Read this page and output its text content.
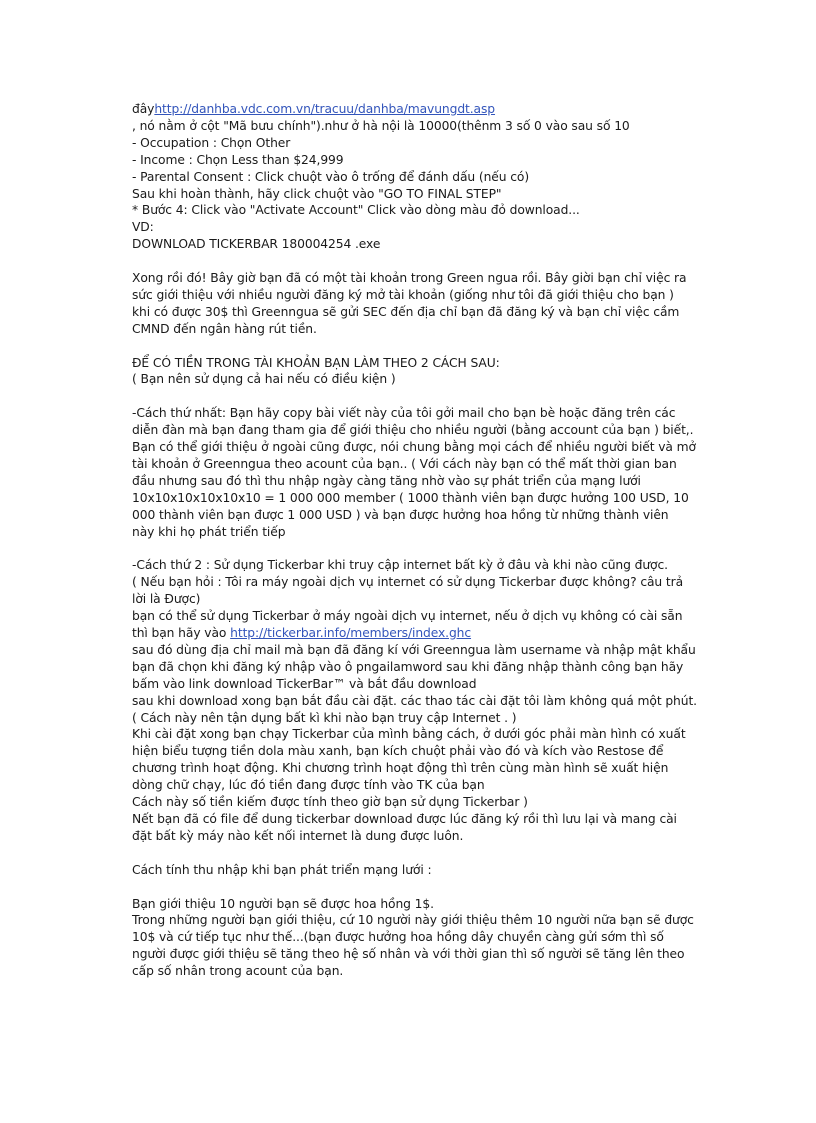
đâyhttp://danhba.vdc.com.vn/tracuu/danhba/mavungdt.asp
, nó nằm ở cột "Mã bưu chính").như ở hà nội là 10000(thênm 3 số 0 vào sau số 10
- Occupation : Chọn Other
- Income : Chọn Less than $24,999
- Parental Consent : Click chuột vào ô trống để đánh dấu (nếu có)
Sau khi hoàn thành, hãy click chuột vào "GO TO FINAL STEP"
* Bước 4: Click vào "Activate Account" Click vào dòng màu đỏ download...
VD:
DOWNLOAD TICKERBAR 180004254 .exe
Xong rồi đó! Bây giờ bạn đã có một tài khoản trong Green ngua rồi. Bây giời bạn chỉ việc ra
sức giới thiệu với nhiều người đăng ký mở tài khoản (giống như tôi đã giới thiệu cho bạn )
khi có được 30$ thì Greenngua sẽ gửi SEC đến địa chỉ bạn đã đăng ký và bạn chỉ việc cầm
CMND đến ngân hàng rút tiền.
ĐỂ CÓ TIỀN TRONG TÀI KHOẢN BẠN LÀM THEO 2 CÁCH SAU:
( Bạn nên sử dụng cả hai nếu có điều kiện )
-Cách thứ nhất: Bạn hãy copy bài viết này của tôi gởi mail cho bạn bè hoặc đăng trên các
diễn đàn mà bạn đang tham gia để giới thiệu cho nhiều người (bằng account của bạn ) biết,.
Bạn có thể giới thiệu ở ngoài cũng được, nói chung bằng mọi cách để nhiều người biết và mở
tài khoản ở Greenngua theo acount của bạn.. ( Với cách này bạn có thể mất thời gian ban
đầu nhưng sau đó thì thu nhập ngày càng tăng nhờ vào sự phát triển của mạng lưới
10x10x10x10x10x10 = 1 000 000 member ( 1000 thành viên bạn được hưởng 100 USD, 10
000 thành viên bạn được 1 000 USD ) và bạn được hưởng hoa hồng từ những thành viên
này khi họ phát triển tiếp
-Cách thứ 2 : Sử dụng Tickerbar khi truy cập internet bất kỳ ở đâu và khi nào cũng được.
( Nếu bạn hỏi : Tôi ra máy ngoài dịch vụ internet có sử dụng Tickerbar được không? câu trả
lời là Được)
bạn có thể sử dụng Tickerbar ở máy ngoài dịch vụ internet, nếu ở dịch vụ không có cài sẵn
thì bạn hãy vào http://tickerbar.info/members/index.ghc
sau đó dùng địa chỉ mail mà bạn đã đăng kí với Greenngua làm username và nhập mật khẩu
bạn đã chọn khi đăng ký nhập vào ô pngailamword sau khi đăng nhập thành công bạn hãy
bấm vào link download TickerBar™ và bắt đầu download
sau khi download xong bạn bắt đầu cài đặt. các thao tác cài đặt tôi làm không quá một phút.
( Cách này nên tận dụng bất kì khi nào bạn truy cập Internet . )
Khi cài đặt xong bạn chạy Tickerbar của mình bằng cách, ở dưới góc phải màn hình có xuất
hiện biểu tượng tiền dola màu xanh, bạn kích chuột phải vào đó và kích vào Restose để
chương trình hoạt động. Khi chương trình hoạt động thì trên cùng màn hình sẽ xuất hiện
dòng chữ chạy, lúc đó tiền đang được tính vào TK của bạn
Cách này số tiền kiếm được tính theo giờ bạn sử dụng Tickerbar )
Nết bạn đã có file để dung tickerbar download được lúc đăng ký rồi thì lưu lại và mang cài
đặt bất kỳ máy nào kết nối internet là dung được luôn.
Cách tính thu nhập khi bạn phát triển mạng lưới :
Bạn giới thiệu 10 người bạn sẽ được hoa hồng 1$.
Trong những người bạn giới thiệu, cứ 10 người này giới thiệu thêm 10 người nữa bạn sẽ được
10$ và cứ tiếp tục như thế...(bạn được hưởng hoa hồng dây chuyền càng gửi sớm thì số
người được giới thiệu sẽ tăng theo hệ số nhân và với thời gian thì số người sẽ tăng lên theo
cấp số nhân trong acount của bạn.
